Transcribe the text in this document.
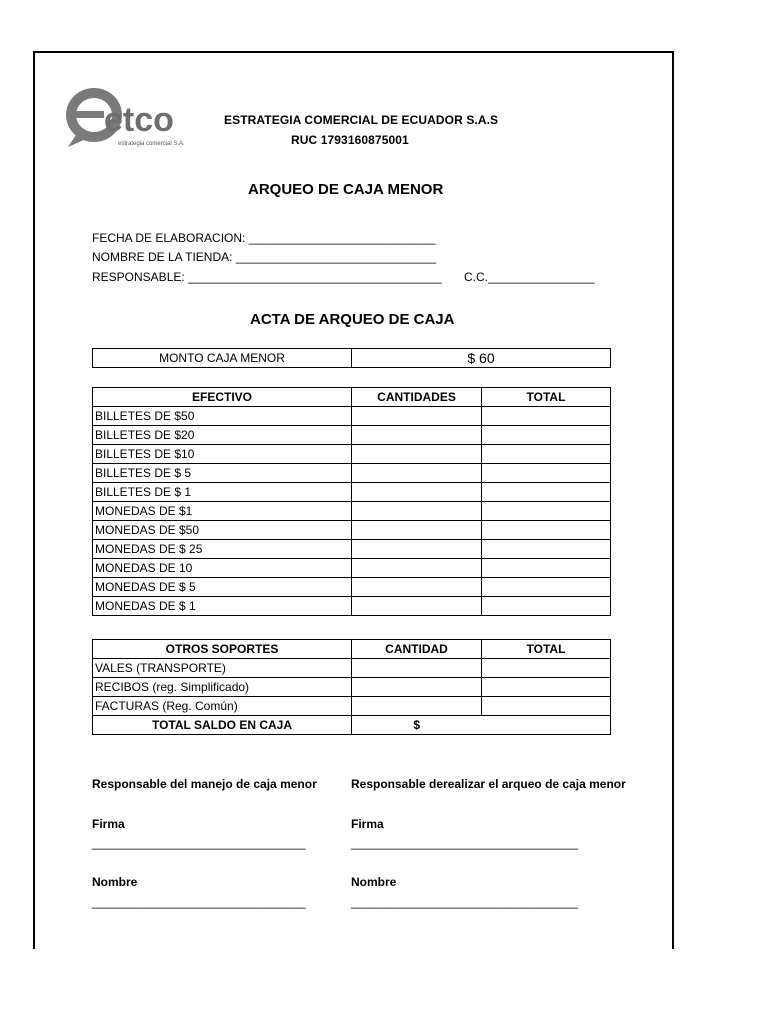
etco
estrategia comercial S.A.
ESTRATEGIA COMERCIAL DE ECUADOR S.A.S
RUC 1793160875001
ARQUEO DE CAJA MENOR
FECHA DE ELABORACION: ____________________________
NOMBRE DE LA TIENDA: ______________________________
RESPONSABLE: ______________________________________ C.C.________________
ACTA DE ARQUEO DE CAJA
MONTO CAJA MENOR	$ 60
EFECTIVO	CANTIDADES	TOTAL
BILLETES DE $50		
BILLETES DE $20		
BILLETES DE $10		
BILLETES DE $ 5		
BILLETES DE $ 1		
MONEDAS DE $1		
MONEDAS DE $50		
MONEDAS DE $ 25		
MONEDAS DE 10		
MONEDAS DE $ 5		
MONEDAS DE $ 1		
OTROS SOPORTES	CANTIDAD	TOTAL
VALES (TRANSPORTE)		
RECIBOS (reg. Simplificado)		
FACTURAS (Reg. Común)		
TOTAL SALDO EN CAJA	$	
Responsable del manejo de caja menor	Responsable derealizar el arqueo de caja menor
Firma	Firma
________________________________	__________________________________
Nombre	Nombre
________________________________	__________________________________
